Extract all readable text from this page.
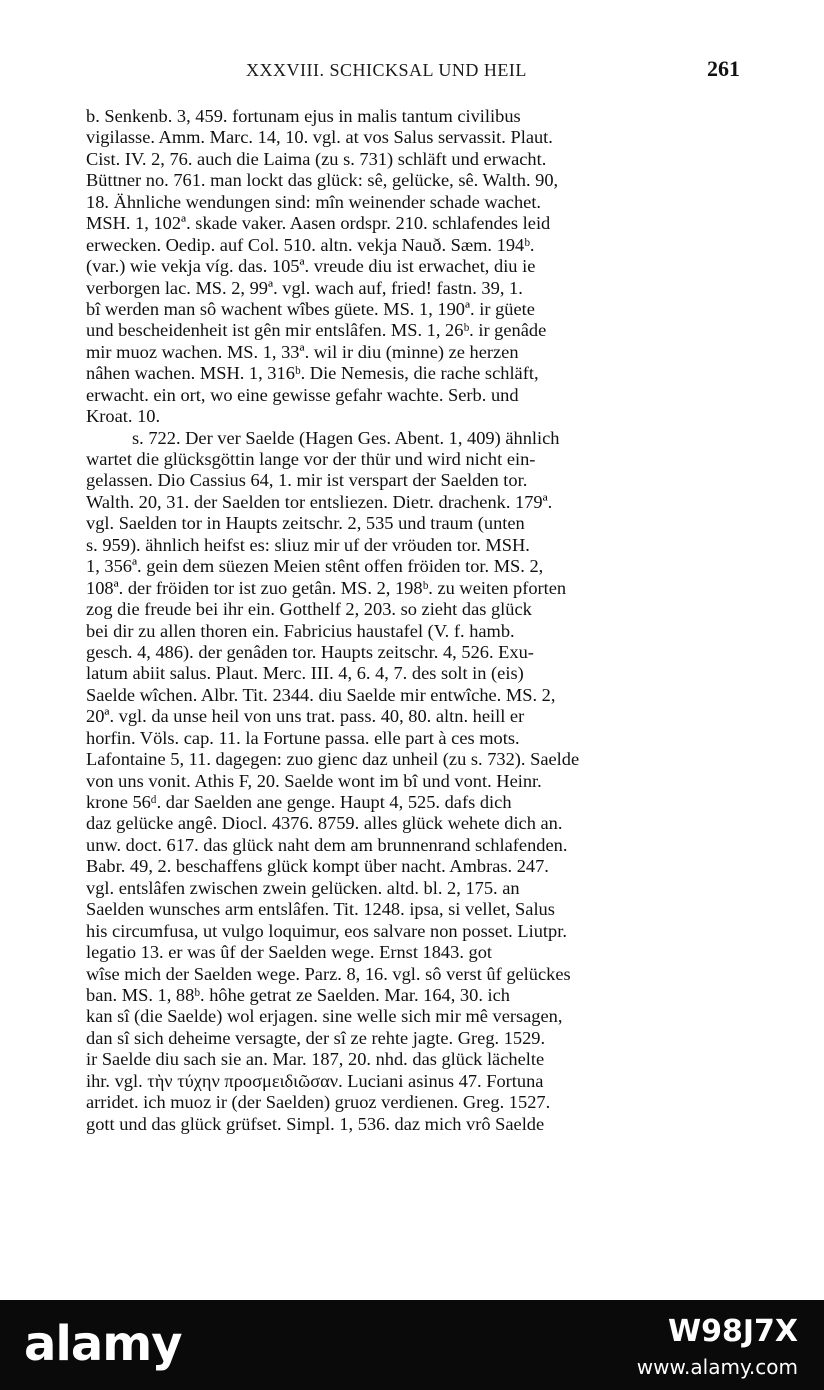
XXXVIII. SCHICKSAL UND HEIL	261
b. Senkenb. 3, 459. fortunam ejus in malis tantum civilibus
vigilasse. Amm. Marc. 14, 10. vgl. at vos Salus servassit. Plaut.
Cist. IV. 2, 76. auch die Laima (zu s. 731) schläft und erwacht.
Büttner no. 761. man lockt das glück: sê, gelücke, sê. Walth. 90,
18. Ähnliche wendungen sind: mîn weinender schade wachet.
MSH. 1, 102ª. skade vaker. Aasen ordspr. 210. schlafendes leid
erwecken. Oedip. auf Col. 510. altn. vekja Nauð. Sæm. 194ᵇ.
(var.) wie vekja víg. das. 105ª. vreude diu ist erwachet, diu ie
verborgen lac. MS. 2, 99ª. vgl. wach auf, fried! fastn. 39, 1.
bî werden man sô wachent wîbes güete. MS. 1, 190ª. ir güete
und bescheidenheit ist gên mir entslâfen. MS. 1, 26ᵇ. ir genâde
mir muoz wachen. MS. 1, 33ª. wil ir diu (minne) ze herzen
nâhen wachen. MSH. 1, 316ᵇ. Die Nemesis, die rache schläft,
erwacht. ein ort, wo eine gewisse gefahr wachte. Serb. und
Kroat. 10.
s. 722. Der ver Saelde (Hagen Ges. Abent. 1, 409) ähnlich
wartet die glücksgöttin lange vor der thür und wird nicht ein-
gelassen. Dio Cassius 64, 1. mir ist verspart der Saelden tor.
Walth. 20, 31. der Saelden tor entsliezen. Dietr. drachenk. 179ª.
vgl. Saelden tor in Haupts zeitschr. 2, 535 und traum (unten
s. 959). ähnlich heifst es: sliuz mir uf der vröuden tor. MSH.
1, 356ª. gein dem süezen Meien stênt offen fröiden tor. MS. 2,
108ª. der fröiden tor ist zuo getân. MS. 2, 198ᵇ. zu weiten pforten
zog die freude bei ihr ein. Gotthelf 2, 203. so zieht das glück
bei dir zu allen thoren ein. Fabricius haustafel (V. f. hamb.
gesch. 4, 486). der genâden tor. Haupts zeitschr. 4, 526. Exu-
latum abiit salus. Plaut. Merc. III. 4, 6. 4, 7. des solt in (eis)
Saelde wîchen. Albr. Tit. 2344. diu Saelde mir entwîche. MS. 2,
20ª. vgl. da unse heil von uns trat. pass. 40, 80. altn. heill er
horfin. Völs. cap. 11. la Fortune passa. elle part à ces mots.
Lafontaine 5, 11. dagegen: zuo gienc daz unheil (zu s. 732). Saelde
von uns vonit. Athis F, 20. Saelde wont im bî und vont. Heinr.
krone 56ᵈ. dar Saelden ane genge. Haupt 4, 525. dafs dich
daz gelücke angê. Diocl. 4376. 8759. alles glück wehete dich an.
unw. doct. 617. das glück naht dem am brunnenrand schlafenden.
Babr. 49, 2. beschaffens glück kompt über nacht. Ambras. 247.
vgl. entslâfen zwischen zwein gelücken. altd. bl. 2, 175. an
Saelden wunsches arm entslâfen. Tit. 1248. ipsa, si vellet, Salus
his circumfusa, ut vulgo loquimur, eos salvare non posset. Liutpr.
legatio 13. er was ûf der Saelden wege. Ernst 1843. got
wîse mich der Saelden wege. Parz. 8, 16. vgl. sô verst ûf gelückes
ban. MS. 1, 88ᵇ. hôhe getrat ze Saelden. Mar. 164, 30. ich
kan sî (die Saelde) wol erjagen. sine welle sich mir mê versagen,
dan sî sich deheime versagte, der sî ze rehte jagte. Greg. 1529.
ir Saelde diu sach sie an. Mar. 187, 20. nhd. das glück lächelte
ihr. vgl. τὴν τύχην προσμειδιῶσαν. Luciani asinus 47. Fortuna
arridet. ich muoz ir (der Saelden) gruoz verdienen. Greg. 1527.
gott und das glück grüfset. Simpl. 1, 536. daz mich vrô Saelde
alamy	W98J7X
www.alamy.com
